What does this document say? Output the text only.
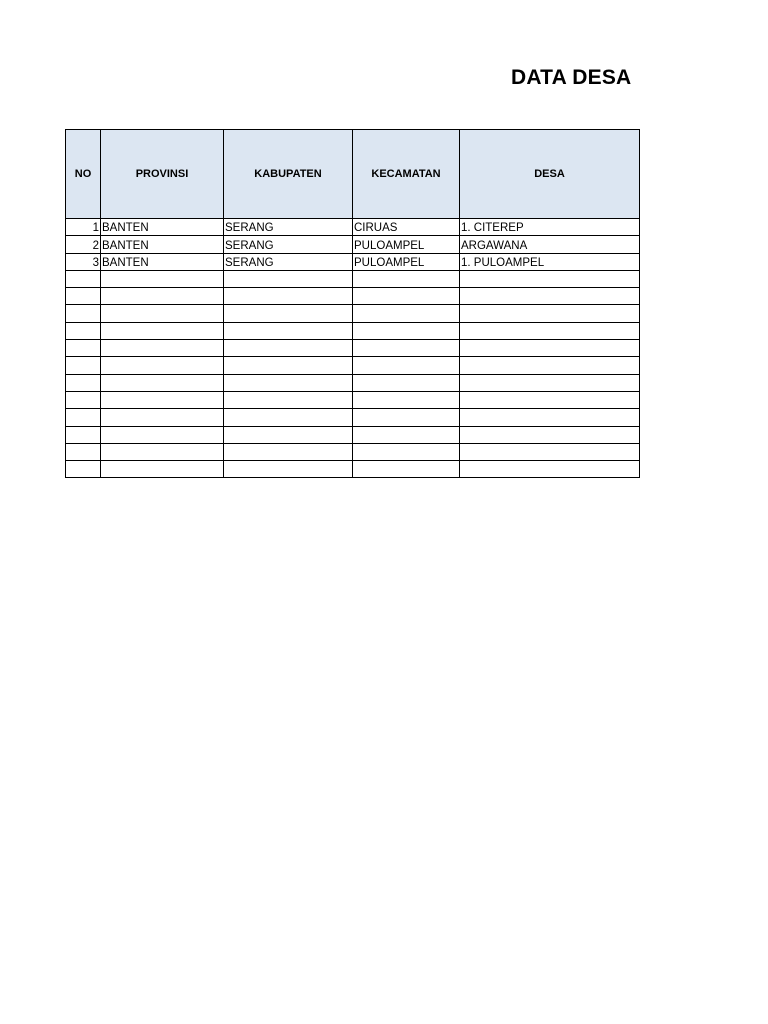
DATA DESA
NO	PROVINSI	KABUPATEN	KECAMATAN	DESA
1	BANTEN	SERANG	CIRUAS	1. CITEREP
2	BANTEN	SERANG	PULOAMPEL	ARGAWANA
3	BANTEN	SERANG	PULOAMPEL	1. PULOAMPEL
